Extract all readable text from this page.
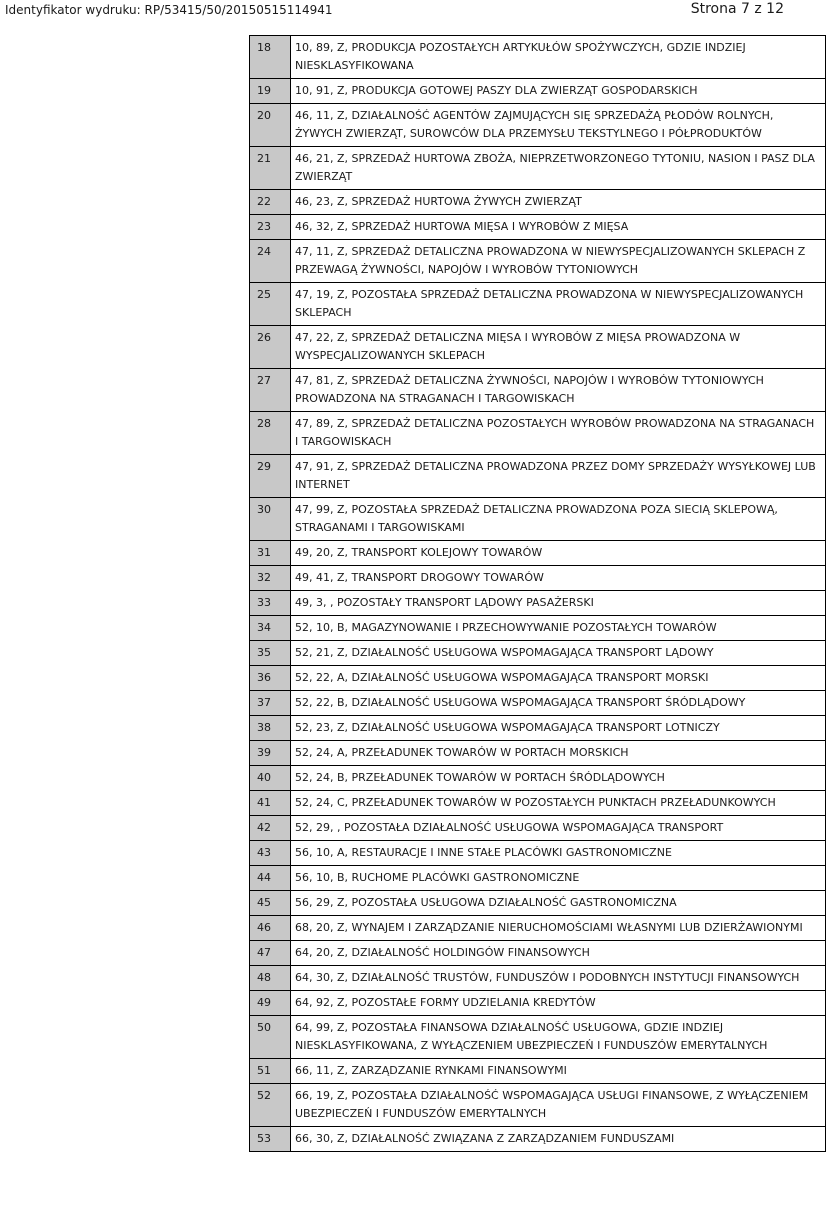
Identyfikator wydruku: RP/53415/50/20150515114941	Strona 7 z 12
18	10, 89, Z, PRODUKCJA POZOSTAŁYCH ARTYKUŁÓW SPOŻYWCZYCH, GDZIE INDZIEJ NIESKLASYFIKOWANA
19	10, 91, Z, PRODUKCJA GOTOWEJ PASZY DLA ZWIERZĄT GOSPODARSKICH
20	46, 11, Z, DZIAŁALNOŚĆ AGENTÓW ZAJMUJĄCYCH SIĘ SPRZEDAŻĄ PŁODÓW ROLNYCH, ŻYWYCH ZWIERZĄT, SUROWCÓW DLA PRZEMYSŁU TEKSTYLNEGO I PÓŁPRODUKTÓW
21	46, 21, Z, SPRZEDAŻ HURTOWA ZBOŻA, NIEPRZETWORZONEGO TYTONIU, NASION I PASZ DLA ZWIERZĄT
22	46, 23, Z, SPRZEDAŻ HURTOWA ŻYWYCH ZWIERZĄT
23	46, 32, Z, SPRZEDAŻ HURTOWA MIĘSA I WYROBÓW Z MIĘSA
24	47, 11, Z, SPRZEDAŻ DETALICZNA PROWADZONA W NIEWYSPECJALIZOWANYCH SKLEPACH Z PRZEWAGĄ ŻYWNOŚCI, NAPOJÓW I WYROBÓW TYTONIOWYCH
25	47, 19, Z, POZOSTAŁA SPRZEDAŻ DETALICZNA PROWADZONA W NIEWYSPECJALIZOWANYCH SKLEPACH
26	47, 22, Z, SPRZEDAŻ DETALICZNA MIĘSA I WYROBÓW Z MIĘSA PROWADZONA W WYSPECJALIZOWANYCH SKLEPACH
27	47, 81, Z, SPRZEDAŻ DETALICZNA ŻYWNOŚCI, NAPOJÓW I WYROBÓW TYTONIOWYCH PROWADZONA NA STRAGANACH I TARGOWISKACH
28	47, 89, Z, SPRZEDAŻ DETALICZNA POZOSTAŁYCH WYROBÓW PROWADZONA NA STRAGANACH I TARGOWISKACH
29	47, 91, Z, SPRZEDAŻ DETALICZNA PROWADZONA PRZEZ DOMY SPRZEDAŻY WYSYŁKOWEJ LUB INTERNET
30	47, 99, Z, POZOSTAŁA SPRZEDAŻ DETALICZNA PROWADZONA POZA SIECIĄ SKLEPOWĄ, STRAGANAMI I TARGOWISKAMI
31	49, 20, Z, TRANSPORT KOLEJOWY TOWARÓW
32	49, 41, Z, TRANSPORT DROGOWY TOWARÓW
33	49, 3, , POZOSTAŁY TRANSPORT LĄDOWY PASAŻERSKI
34	52, 10, B, MAGAZYNOWANIE I PRZECHOWYWANIE POZOSTAŁYCH TOWARÓW
35	52, 21, Z, DZIAŁALNOŚĆ USŁUGOWA WSPOMAGAJĄCA TRANSPORT LĄDOWY
36	52, 22, A, DZIAŁALNOŚĆ USŁUGOWA WSPOMAGAJĄCA TRANSPORT MORSKI
37	52, 22, B, DZIAŁALNOŚĆ USŁUGOWA WSPOMAGAJĄCA TRANSPORT ŚRÓDLĄDOWY
38	52, 23, Z, DZIAŁALNOŚĆ USŁUGOWA WSPOMAGAJĄCA TRANSPORT LOTNICZY
39	52, 24, A, PRZEŁADUNEK TOWARÓW W PORTACH MORSKICH
40	52, 24, B, PRZEŁADUNEK TOWARÓW W PORTACH ŚRÓDLĄDOWYCH
41	52, 24, C, PRZEŁADUNEK TOWARÓW W POZOSTAŁYCH PUNKTACH PRZEŁADUNKOWYCH
42	52, 29, , POZOSTAŁA DZIAŁALNOŚĆ USŁUGOWA WSPOMAGAJĄCA TRANSPORT
43	56, 10, A, RESTAURACJE I INNE STAŁE PLACÓWKI GASTRONOMICZNE
44	56, 10, B, RUCHOME PLACÓWKI GASTRONOMICZNE
45	56, 29, Z, POZOSTAŁA USŁUGOWA DZIAŁALNOŚĆ GASTRONOMICZNA
46	68, 20, Z, WYNAJEM I ZARZĄDZANIE NIERUCHOMOŚCIAMI WŁASNYMI LUB DZIERŻAWIONYMI
47	64, 20, Z, DZIAŁALNOŚĆ HOLDINGÓW FINANSOWYCH
48	64, 30, Z, DZIAŁALNOŚĆ TRUSTÓW, FUNDUSZÓW I PODOBNYCH INSTYTUCJI FINANSOWYCH
49	64, 92, Z, POZOSTAŁE FORMY UDZIELANIA KREDYTÓW
50	64, 99, Z, POZOSTAŁA FINANSOWA DZIAŁALNOŚĆ USŁUGOWA, GDZIE INDZIEJ NIESKLASYFIKOWANA, Z WYŁĄCZENIEM UBEZPIECZEŃ I FUNDUSZÓW EMERYTALNYCH
51	66, 11, Z, ZARZĄDZANIE RYNKAMI FINANSOWYMI
52	66, 19, Z, POZOSTAŁA DZIAŁALNOŚĆ WSPOMAGAJĄCA USŁUGI FINANSOWE, Z WYŁĄCZENIEM UBEZPIECZEŃ I FUNDUSZÓW EMERYTALNYCH
53	66, 30, Z, DZIAŁALNOŚĆ ZWIĄZANA Z ZARZĄDZANIEM FUNDUSZAMI
